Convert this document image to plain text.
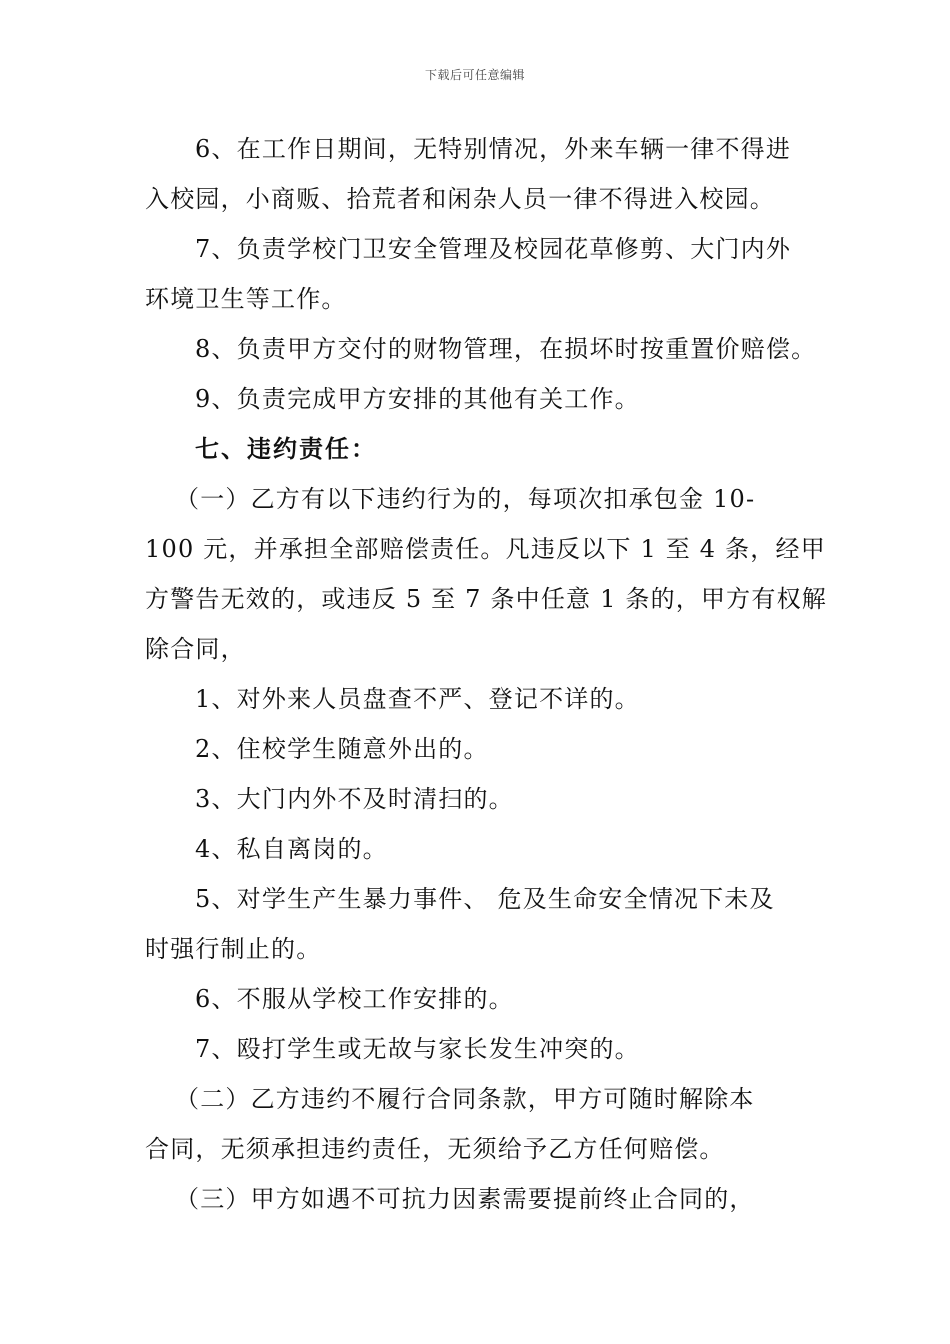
下载后可任意编辑
6、在工作日期间，无特别情况，外来车辆一律不得进
入校园，小商贩、拾荒者和闲杂人员一律不得进入校园。
7、负责学校门卫安全管理及校园花草修剪、大门内外
环境卫生等工作。
8、负责甲方交付的财物管理，在损坏时按重置价赔偿。
9、负责完成甲方安排的其他有关工作。
七、违约责任：
（一）乙方有以下违约行为的，每项次扣承包金 10-
100 元，并承担全部赔偿责任。凡违反以下 1 至 4 条，经甲
方警告无效的，或违反 5 至 7 条中任意 1 条的，甲方有权解
除合同，
1、对外来人员盘查不严、登记不详的。
2、住校学生随意外出的。
3、大门内外不及时清扫的。
4、私自离岗的。
5、对学生产生暴力事件、 危及生命安全情况下未及
时强行制止的。
6、不服从学校工作安排的。
7、殴打学生或无故与家长发生冲突的。
（二）乙方违约不履行合同条款，甲方可随时解除本
合同，无须承担违约责任，无须给予乙方任何赔偿。
（三）甲方如遇不可抗力因素需要提前终止合同的，
